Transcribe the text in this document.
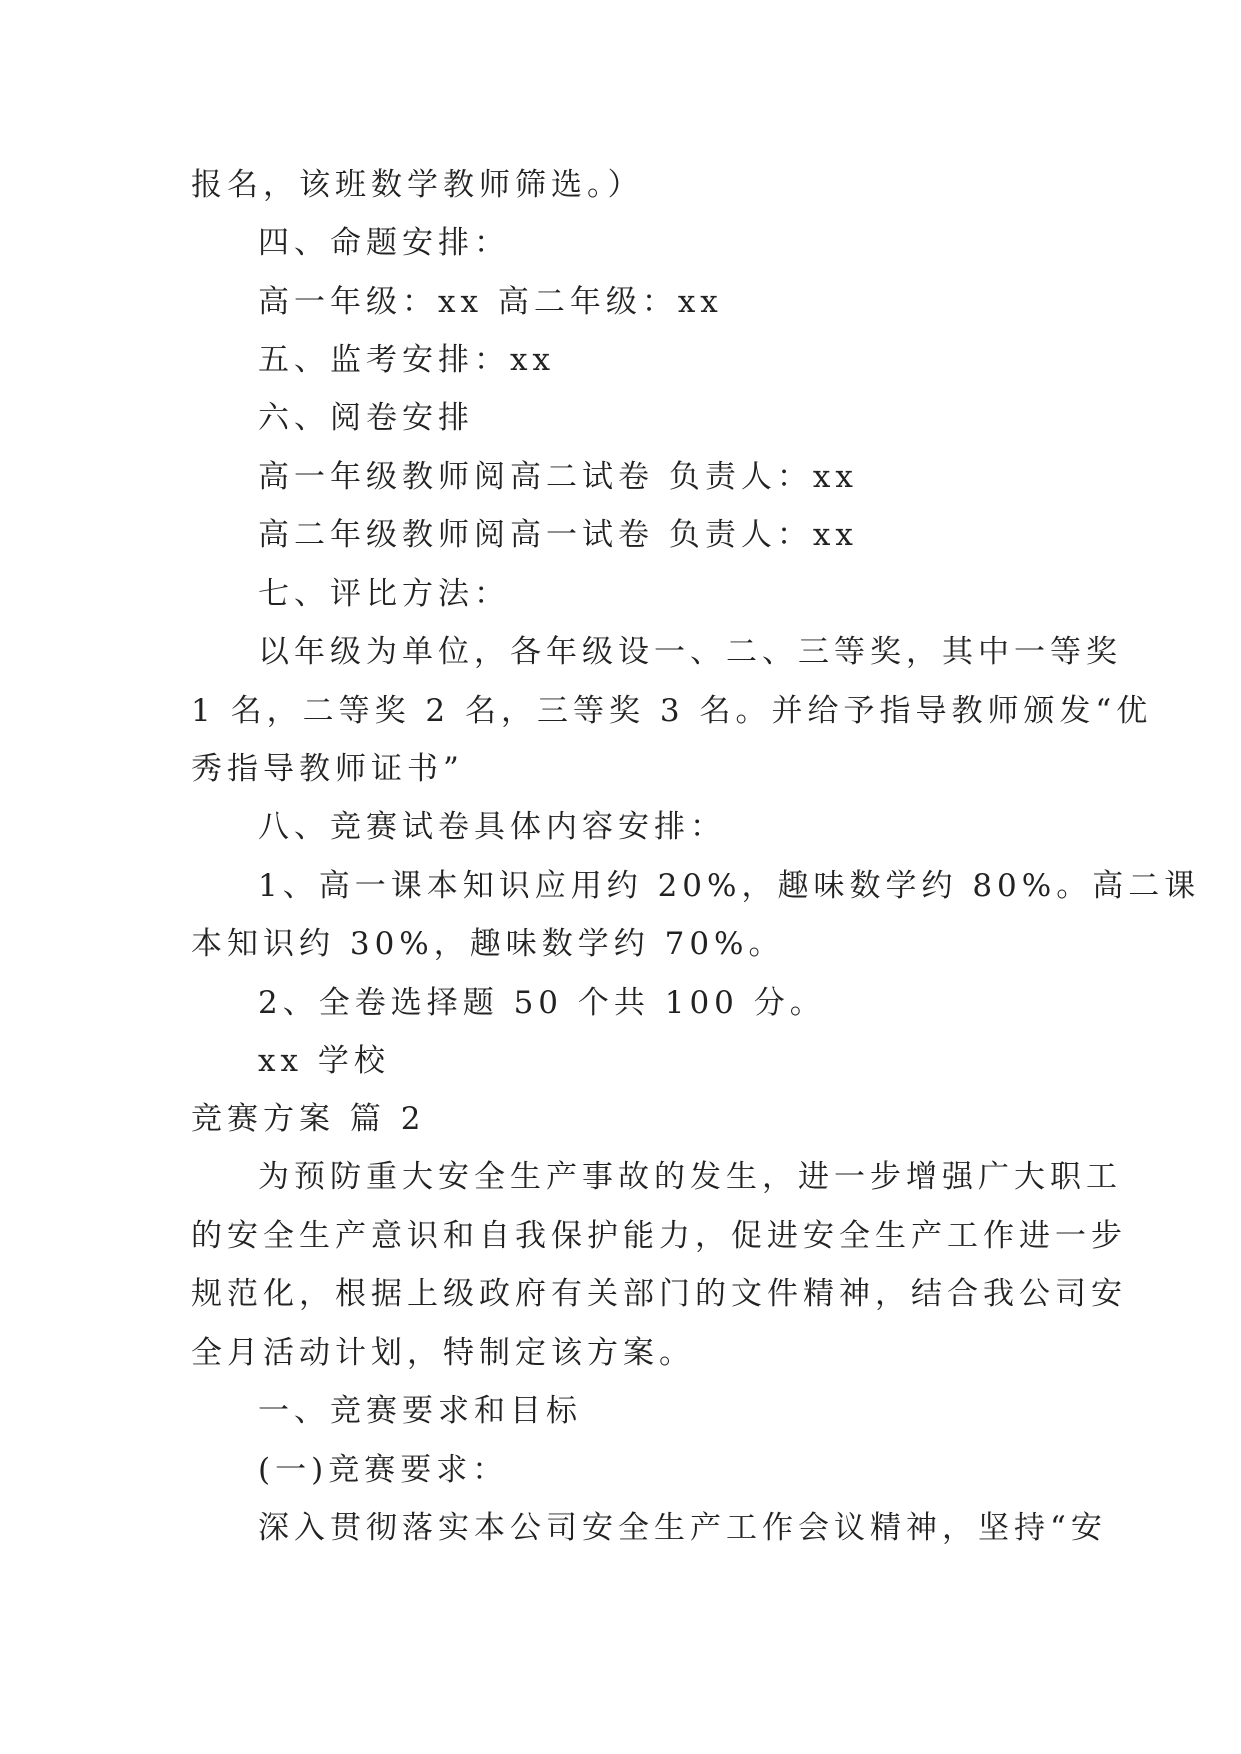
报名，该班数学教师筛选。）
四、命题安排：
高一年级：xx 高二年级：xx
五、监考安排：xx
六、阅卷安排
高一年级教师阅高二试卷 负责人：xx
高二年级教师阅高一试卷 负责人：xx
七、评比方法：
以年级为单位，各年级设一、二、三等奖，其中一等奖
1 名，二等奖 2 名，三等奖 3 名。并给予指导教师颁发“优
秀指导教师证书”
八、竞赛试卷具体内容安排：
1、高一课本知识应用约 20%，趣味数学约 80%。高二课
本知识约 30%，趣味数学约 70%。
2、全卷选择题 50 个共 100 分。
xx 学校
竞赛方案 篇 2
为预防重大安全生产事故的发生，进一步增强广大职工
的安全生产意识和自我保护能力，促进安全生产工作进一步
规范化，根据上级政府有关部门的文件精神，结合我公司安
全月活动计划，特制定该方案。
一、竞赛要求和目标
(一)竞赛要求：
深入贯彻落实本公司安全生产工作会议精神，坚持“安
